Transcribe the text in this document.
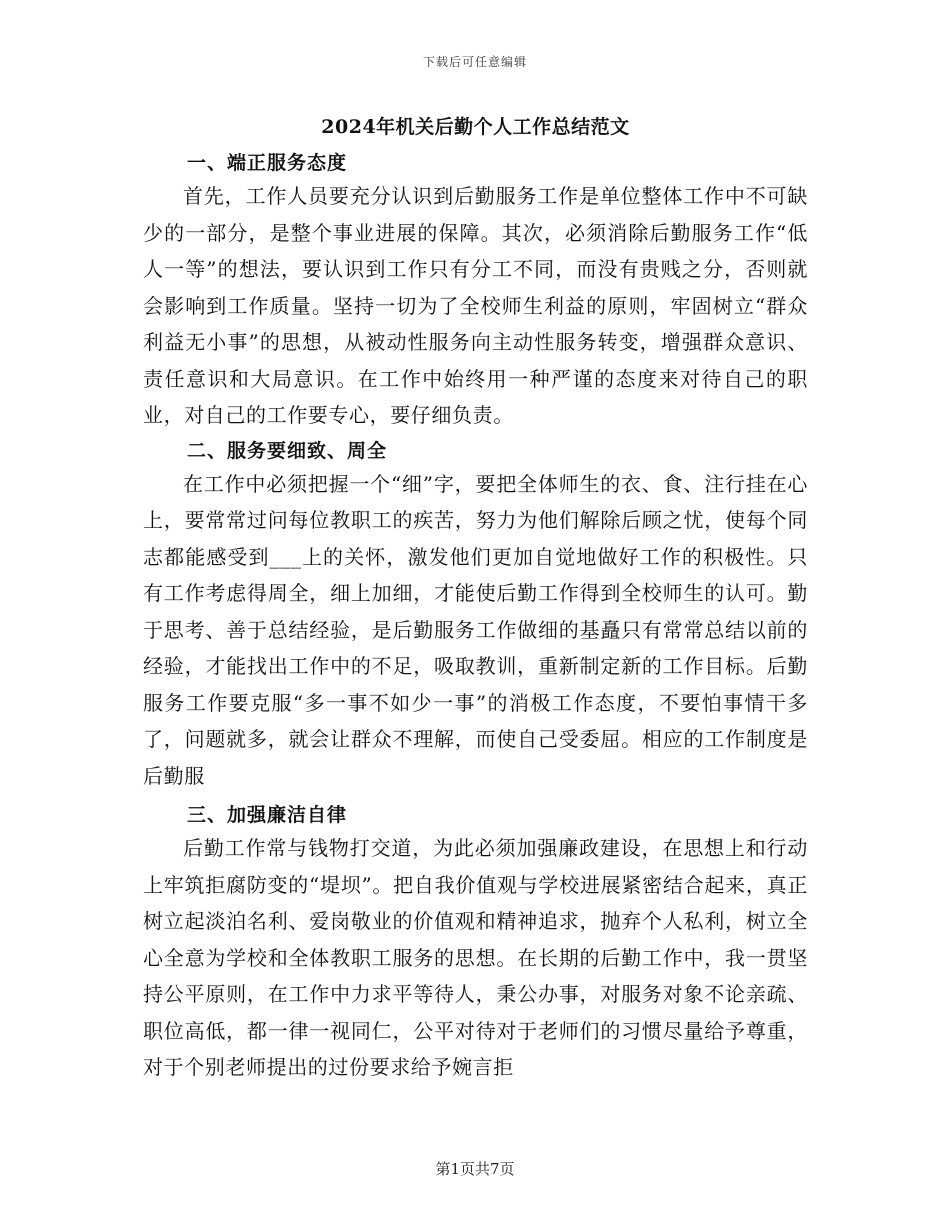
下载后可任意编辑
2024年机关后勤个人工作总结范文
一、端正服务态度

首先，工作人员要充分认识到后勤服务工作是单位整体工作中不可缺少的一部分，是整个事业进展的保障。其次，必须消除后勤服务工作“低人一等”的想法，要认识到工作只有分工不同，而没有贵贱之分，否则就会影响到工作质量。坚持一切为了全校师生利益的原则，牢固树立“群众利益无小事”的思想，从被动性服务向主动性服务转变，增强群众意识、责任意识和大局意识。在工作中始终用一种严谨的态度来对待自己的职业，对自己的工作要专心，要仔细负责。

二、服务要细致、周全

在工作中必须把握一个“细”字，要把全体师生的衣、食、注行挂在心上，要常常过问每位教职工的疾苦，努力为他们解除后顾之忧，使每个同志都能感受到___上的关怀，激发他们更加自觉地做好工作的积极性。只有工作考虑得周全，细上加细，才能使后勤工作得到全校师生的认可。勤于思考、善于总结经验，是后勤服务工作做细的基矗只有常常总结以前的经验，才能找出工作中的不足，吸取教训，重新制定新的工作目标。后勤服务工作要克服“多一事不如少一事”的消极工作态度，不要怕事情干多了，问题就多，就会让群众不理解，而使自己受委屈。相应的工作制度是后勤服

三、加强廉洁自律

后勤工作常与钱物打交道，为此必须加强廉政建设，在思想上和行动上牢筑拒腐防变的“堤坝”。把自我价值观与学校进展紧密结合起来，真正树立起淡泊名利、爱岗敬业的价值观和精神追求，抛弃个人私利，树立全心全意为学校和全体教职工服务的思想。在长期的后勤工作中，我一贯坚持公平原则，在工作中力求平等待人，秉公办事，对服务对象不论亲疏、职位高低，都一律一视同仁，公平对待对于老师们的习惯尽量给予尊重，对于个别老师提出的过份要求给予婉言拒

第1页共7页
